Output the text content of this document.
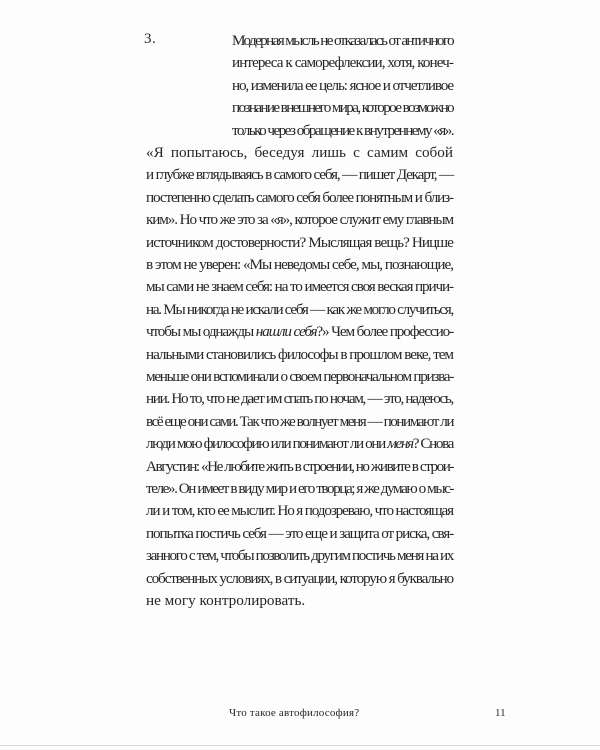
3.	Модерная мысль не отказалась от античного
интереса к саморефлексии, хотя, конеч-
но, изменила ее цель: ясное и отчетливое
познание внешнего мира, которое возможно
только через обращение к внутреннему «я».
«Я попытаюсь, беседуя лишь с самим собой
и глубже вглядываясь в самого себя, — пишет Декарт, —
постепенно сделать самого себя более понятным и близ-
ким». Но что же это за «я», которое служит ему главным
источником достоверности? Мыслящая вещь? Ницше
в этом не уверен: «Мы неведомы себе, мы, познающие,
мы сами не знаем себя: на то имеется своя веская причи-
на. Мы никогда не искали себя — как же могло случиться,
чтобы мы однажды нашли себя?» Чем более профессио-
нальными становились философы в прошлом веке, тем
меньше они вспоминали о своем первоначальном призва-
нии. Но то, что не дает им спать по ночам, — это, надеюсь,
всё еще они сами. Так что же волнует меня — понимают ли
люди мою философию или понимают ли они меня? Снова
Августин: «Не любите жить в строении, но живите в строи-
теле». Он имеет в виду мир и его творца; я же думаю о мыс-
ли и том, кто ее мыслит. Но я подозреваю, что настоящая
попытка постичь себя — это еще и защита от риска, свя-
занного с тем, чтобы позволить другим постичь меня на их
собственных условиях, в ситуации, которую я буквально
не могу контролировать.
Что такое автофилософия?	11
